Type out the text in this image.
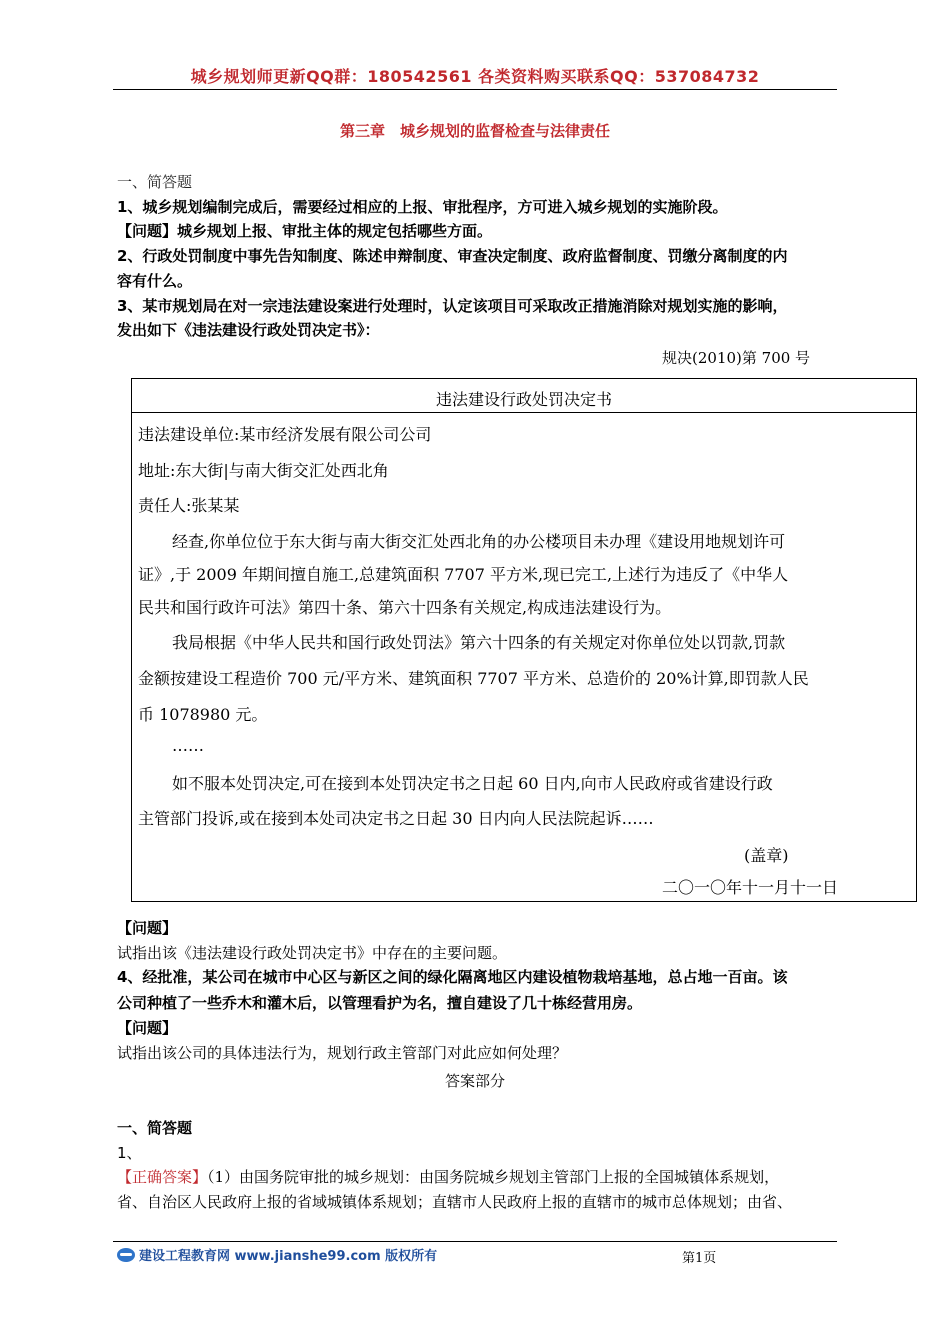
城乡规划师更新QQ群：180542561 各类资料购买联系QQ：537084732
第三章　城乡规划的监督检查与法律责任
一、简答题
1、城乡规划编制完成后，需要经过相应的上报、审批程序，方可进入城乡规划的实施阶段。
【问题】城乡规划上报、审批主体的规定包括哪些方面。
2、行政处罚制度中事先告知制度、陈述申辩制度、审查决定制度、政府监督制度、罚缴分离制度的内
容有什么。
3、某市规划局在对一宗违法建设案进行处理时，认定该项目可采取改正措施消除对规划实施的影响，
发出如下《违法建设行政处罚决定书》：
规决(2010)第 700 号
违法建设行政处罚决定书
违法建设单位:某市经济发展有限公司公司
地址:东大街|与南大街交汇处西北角
责任人:张某某
经查,你单位位于东大街与南大街交汇处西北角的办公楼项目未办理《建设用地规划许可
证》,于 2009 年期间擅自施工,总建筑面积 7707 平方米,现已完工,上述行为违反了《中华人
民共和国行政许可法》第四十条、第六十四条有关规定,构成违法建设行为。
我局根据《中华人民共和国行政处罚法》第六十四条的有关规定对你单位处以罚款,罚款
金额按建设工程造价 700 元/平方米、建筑面积 7707 平方米、总造价的 20%计算,即罚款人民
币 1078980 元。
……
如不服本处罚决定,可在接到本处罚决定书之日起 60 日内,向市人民政府或省建设行政
主管部门投诉,或在接到本处司决定书之日起 30 日内向人民法院起诉……
(盖章)
二〇一〇年十一月十一日
【问题】
试指出该《违法建设行政处罚决定书》中存在的主要问题。
4、经批准，某公司在城市中心区与新区之间的绿化隔离地区内建设植物栽培基地，总占地一百亩。该
公司种植了一些乔木和灌木后，以管理看护为名，擅自建设了几十栋经营用房。
【问题】
试指出该公司的具体违法行为，规划行政主管部门对此应如何处理？
答案部分
一、简答题
1、
【正确答案】（1）由国务院审批的城乡规划：由国务院城乡规划主管部门上报的全国城镇体系规划，
省、自治区人民政府上报的省域城镇体系规划；直辖市人民政府上报的直辖市的城市总体规划；由省、
建设工程教育网 www.jianshe99.com 版权所有	第1页
